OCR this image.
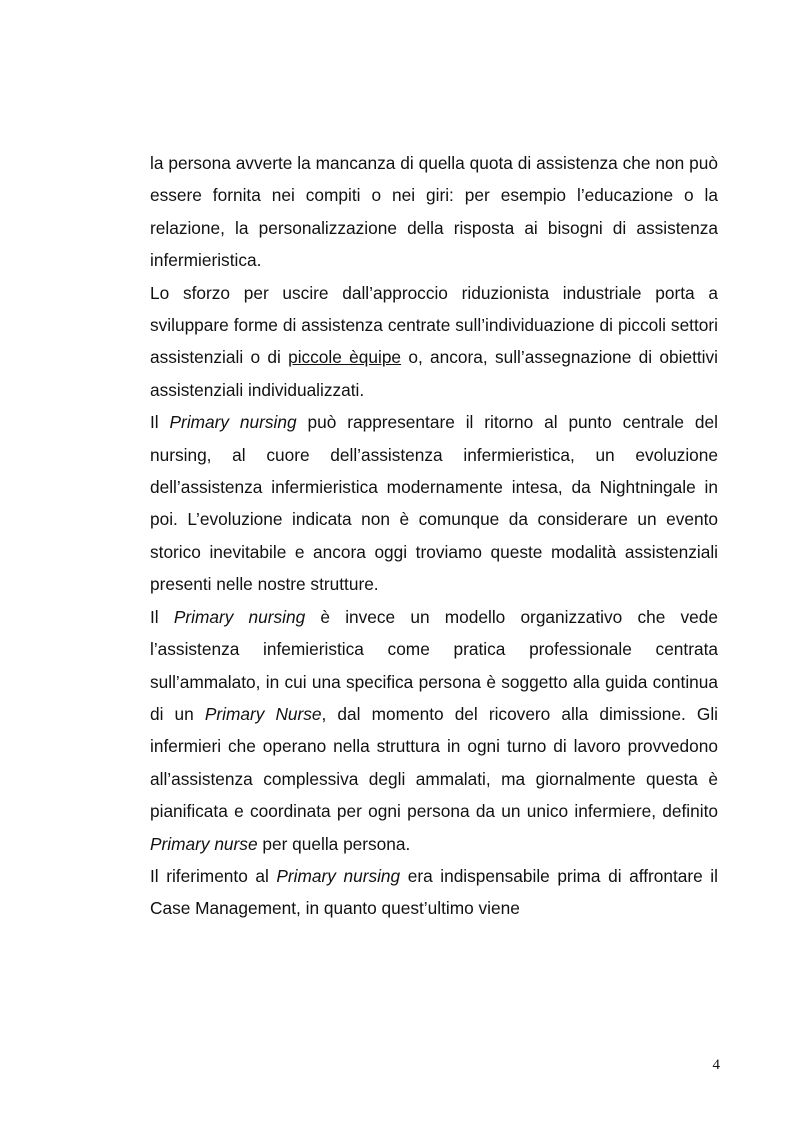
la persona avverte la mancanza di quella quota di assistenza che non può essere fornita nei compiti o nei giri: per esempio l’educazione o la relazione, la personalizzazione della risposta ai bisogni di assistenza infermieristica.

Lo sforzo per uscire dall’approccio riduzionista industriale porta a sviluppare forme di assistenza centrate sull’individuazione di piccoli settori assistenziali o di piccole èquipe o, ancora, sull’assegnazione di obiettivi assistenziali individualizzati.

Il Primary nursing può rappresentare il ritorno al punto centrale del nursing, al cuore dell’assistenza infermieristica, un evoluzione dell’assistenza infermieristica modernamente intesa, da Nightningale in poi. L’evoluzione indicata non è comunque da considerare un evento storico inevitabile e ancora oggi troviamo queste modalità assistenziali presenti nelle nostre strutture.

Il Primary nursing è invece un modello organizzativo che vede l’assistenza infemieristica come pratica professionale centrata sull’ammalato, in cui una specifica persona è soggetto alla guida continua di un Primary Nurse, dal momento del ricovero alla dimissione. Gli infermieri che operano nella struttura in ogni turno di lavoro provvedono all’assistenza complessiva degli ammalati, ma giornalmente questa è pianificata e coordinata per ogni persona da un unico infermiere, definito Primary nurse per quella persona.

Il riferimento al Primary nursing era indispensabile prima di affrontare il Case Management, in quanto quest’ultimo viene

4
